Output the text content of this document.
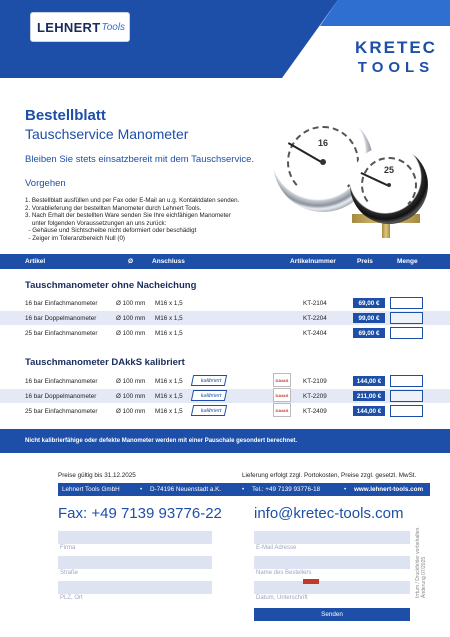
LEHNERT Tools
KRETEC
TOOLS
Bestellblatt
Tauschservice Manometer
Bleiben Sie stets einsatzbereit mit dem Tauschservice.
Vorgehen
1. Bestellblatt ausfüllen und per Fax oder E-Mail an u.g. Kontaktdaten senden.
2. Vorablieferung der bestellten Manometer durch Lehnert Tools.
3. Nach Erhalt der bestellten Ware senden Sie Ihre eichfähigen Manometer
unter folgenden Voraussetzungen an uns zurück:
- Gehäuse und Sichtscheibe nicht deformiert oder beschädigt
- Zeiger im Toleranzbereich Null (0)
16
25
Artikel	Ø	Anschluss	Artikelnummer	Preis	Menge
Tauschmanometer ohne Nacheichung
16 bar Einfachmanometer	Ø 100 mm M16 x 1,5	KT-2104	69,00 €
16 bar Doppelmanometer	Ø 100 mm M16 x 1,5	KT-2204	99,00 €
25 bar Einfachmanometer	Ø 100 mm M16 x 1,5	KT-2404	69,00 €
Tauschmanometer DAkkS kalibriert
16 bar Einfachmanometer	Ø 100 mm M16 x 1,5	kalibriert	DAkkS	KT-2109	144,00 €
16 bar Doppelmanometer	Ø 100 mm M16 x 1,5	kalibriert	DAkkS	KT-2209	211,00 €
25 bar Einfachmanometer	Ø 100 mm M16 x 1,5	kalibriert	DAkkS	KT-2409	144,00 €
Nicht kalibrierfähige oder defekte Manometer werden mit einer Pauschale gesondert berechnet.
Preise gültig bis 31.12.2025	Lieferung erfolgt zzgl. Portokosten, Preise zzgl. gesetzl. MwSt.
Lehnert Tools GmbH	• D-74196 Neuenstadt a.K.	• Tel.: +49 7139 93776-18	• www.lehnert-tools.com
Fax: +49 7139 93776-22 info@kretec-tools.com
Firma
Straße
PLZ, Ort
E-Mail Adresse
Name des Bestellers
Datum, Unterschrift
Senden
Irrtum / Druckfehler vorbehalten. Änderung 07/2025
